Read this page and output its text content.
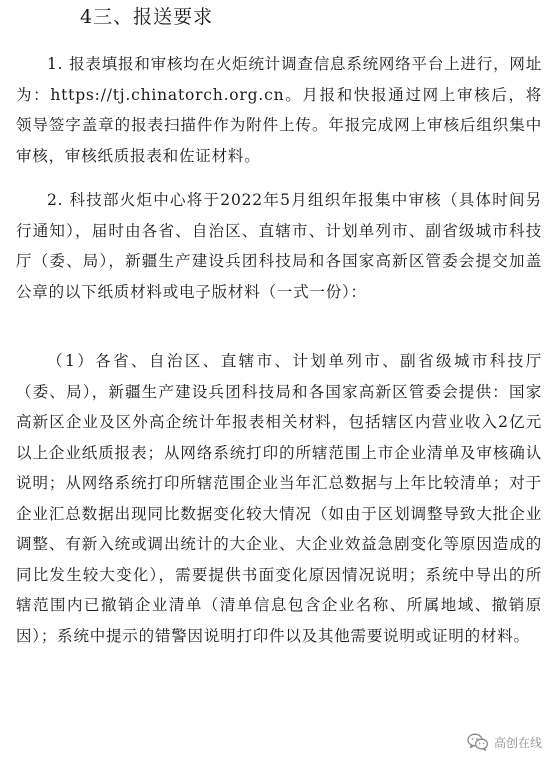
4三、报送要求

1. 报表填报和审核均在火炬统计调查信息系统网络平台上进行，网址为：https://tj.chinatorch.org.cn。月报和快报通过网上审核后，将领导签字盖章的报表扫描件作为附件上传。年报完成网上审核后组织集中审核，审核纸质报表和佐证材料。

2. 科技部火炬中心将于2022年5月组织年报集中审核（具体时间另行通知），届时由各省、自治区、直辖市、计划单列市、副省级城市科技厅（委、局），新疆生产建设兵团科技局和各国家高新区管委会提交加盖公章的以下纸质材料或电子版材料（一式一份）：

（1）各省、自治区、直辖市、计划单列市、副省级城市科技厅（委、局），新疆生产建设兵团科技局和各国家高新区管委会提供：国家高新区企业及区外高企统计年报表相关材料，包括辖区内营业收入2亿元以上企业纸质报表；从网络系统打印的所辖范围上市企业清单及审核确认说明；从网络系统打印所辖范围企业当年汇总数据与上年比较清单；对于企业汇总数据出现同比数据变化较大情况（如由于区划调整导致大批企业调整、有新入统或调出统计的大企业、大企业效益急剧变化等原因造成的同比发生较大变化），需要提供书面变化原因情况说明；系统中导出的所辖范围内已撤销企业清单（清单信息包含企业名称、所属地域、撤销原因）；系统中提示的错警因说明打印件以及其他需要说明或证明的材料。

高创在线
